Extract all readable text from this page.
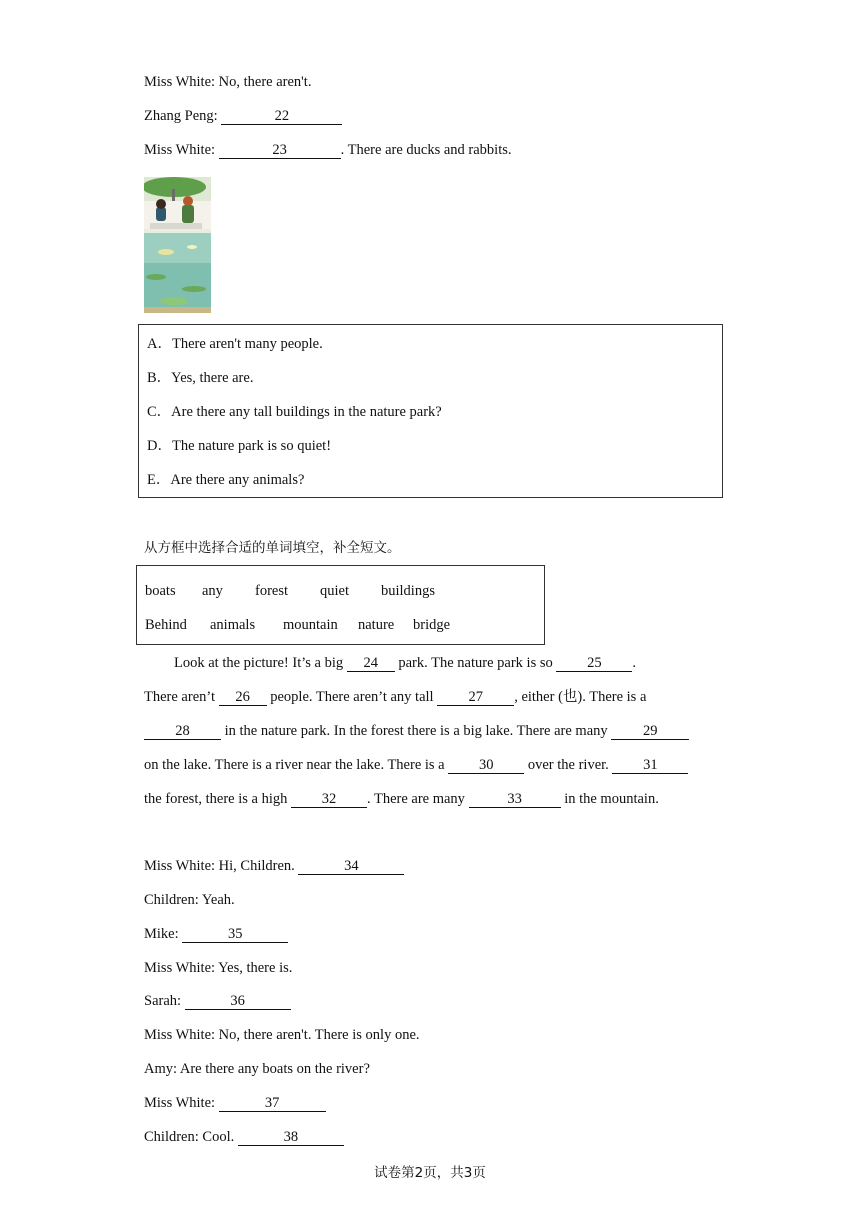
Miss White: No, there aren't.
Zhang Peng:	22
Miss White:	23	. There are ducks and rabbits.
A．There aren't many people.
B．Yes, there are.
C．Are there any tall buildings in the nature park?
D．The nature park is so quiet!
E．Are there any animals?
从方框中选择合适的单词填空，补全短文。
boats any forest quiet buildings
Behind animals mountain nature bridge
Look at the picture! It’s a big 24 park. The nature park is so 25 .
There aren’t 26 people. There aren’t any tall 27 , either (也). There is a
28 in the nature park. In the forest there is a big lake. There are many 29
on the lake. There is a river near the lake. There is a 30 over the river. 31
the forest, there is a high 32 . There are many	33	in the mountain.
Miss White: Hi, Children.	34
Children: Yeah.
Mike:	35
Miss White: Yes, there is.
Sarah:	36
Miss White: No, there aren't. There is only one.
Amy: Are there any boats on the river?
Miss White:	37
Children: Cool.	38
试卷第2页，共3页
